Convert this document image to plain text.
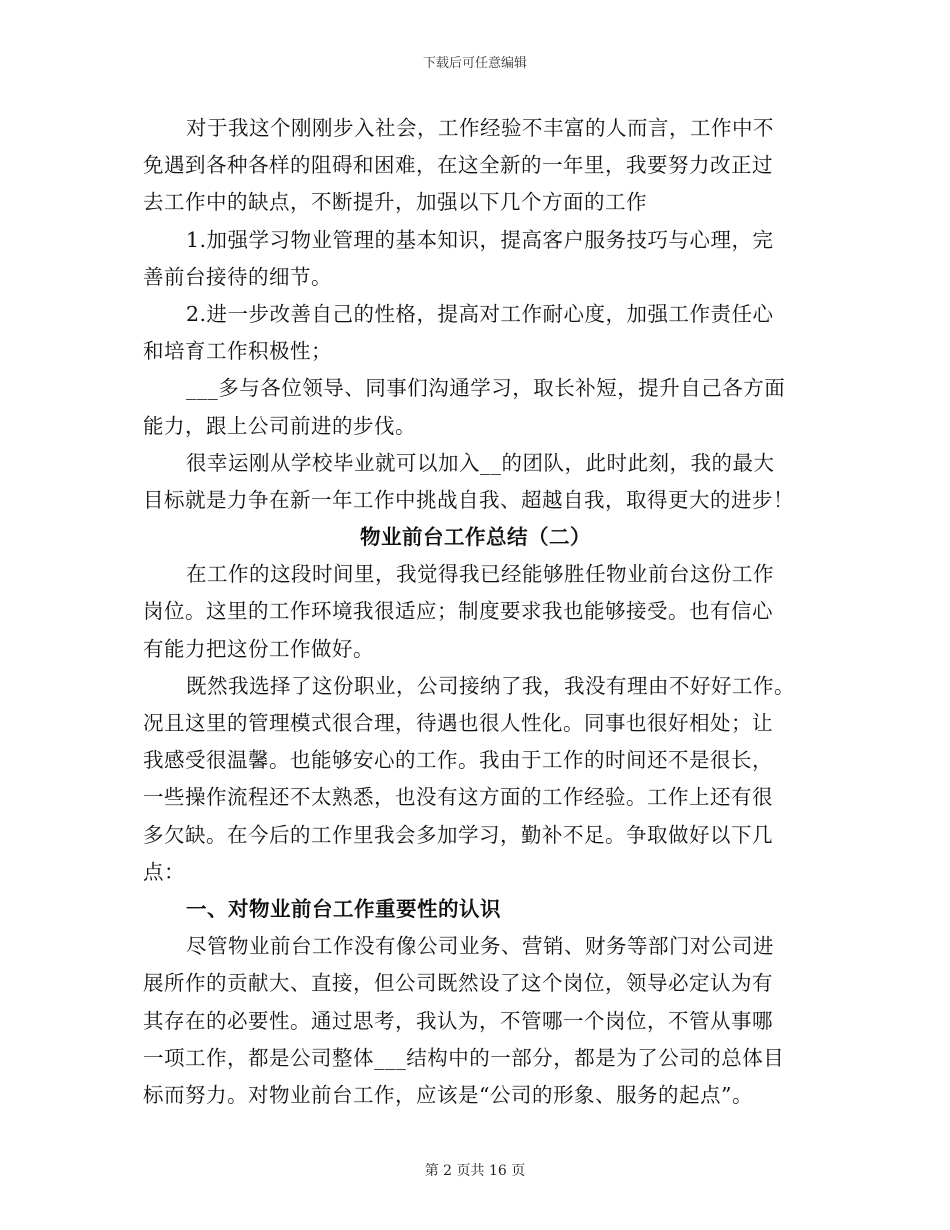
下载后可任意编辑
对于我这个刚刚步入社会，工作经验不丰富的人而言，工作中不
免遇到各种各样的阻碍和困难，在这全新的一年里，我要努力改正过
去工作中的缺点，不断提升，加强以下几个方面的工作
1.加强学习物业管理的基本知识，提高客户服务技巧与心理，完
善前台接待的细节。
2.进一步改善自己的性格，提高对工作耐心度，加强工作责任心
和培育工作积极性；
___多与各位领导、同事们沟通学习，取长补短，提升自己各方面
能力，跟上公司前进的步伐。
很幸运刚从学校毕业就可以加入__的团队，此时此刻，我的最大
目标就是力争在新一年工作中挑战自我、超越自我，取得更大的进步！
物业前台工作总结（二）
在工作的这段时间里，我觉得我已经能够胜任物业前台这份工作
岗位。这里的工作环境我很适应；制度要求我也能够接受。也有信心
有能力把这份工作做好。
既然我选择了这份职业，公司接纳了我，我没有理由不好好工作。
况且这里的管理模式很合理，待遇也很人性化。同事也很好相处；让
我感受很温馨。也能够安心的工作。我由于工作的时间还不是很长，
一些操作流程还不太熟悉，也没有这方面的工作经验。工作上还有很
多欠缺。在今后的工作里我会多加学习，勤补不足。争取做好以下几
点：
一、对物业前台工作重要性的认识
尽管物业前台工作没有像公司业务、营销、财务等部门对公司进
展所作的贡献大、直接，但公司既然设了这个岗位，领导必定认为有
其存在的必要性。通过思考，我认为，不管哪一个岗位，不管从事哪
一项工作，都是公司整体___结构中的一部分，都是为了公司的总体目
标而努力。对物业前台工作，应该是“公司的形象、服务的起点”。
第 2 页共 16 页
